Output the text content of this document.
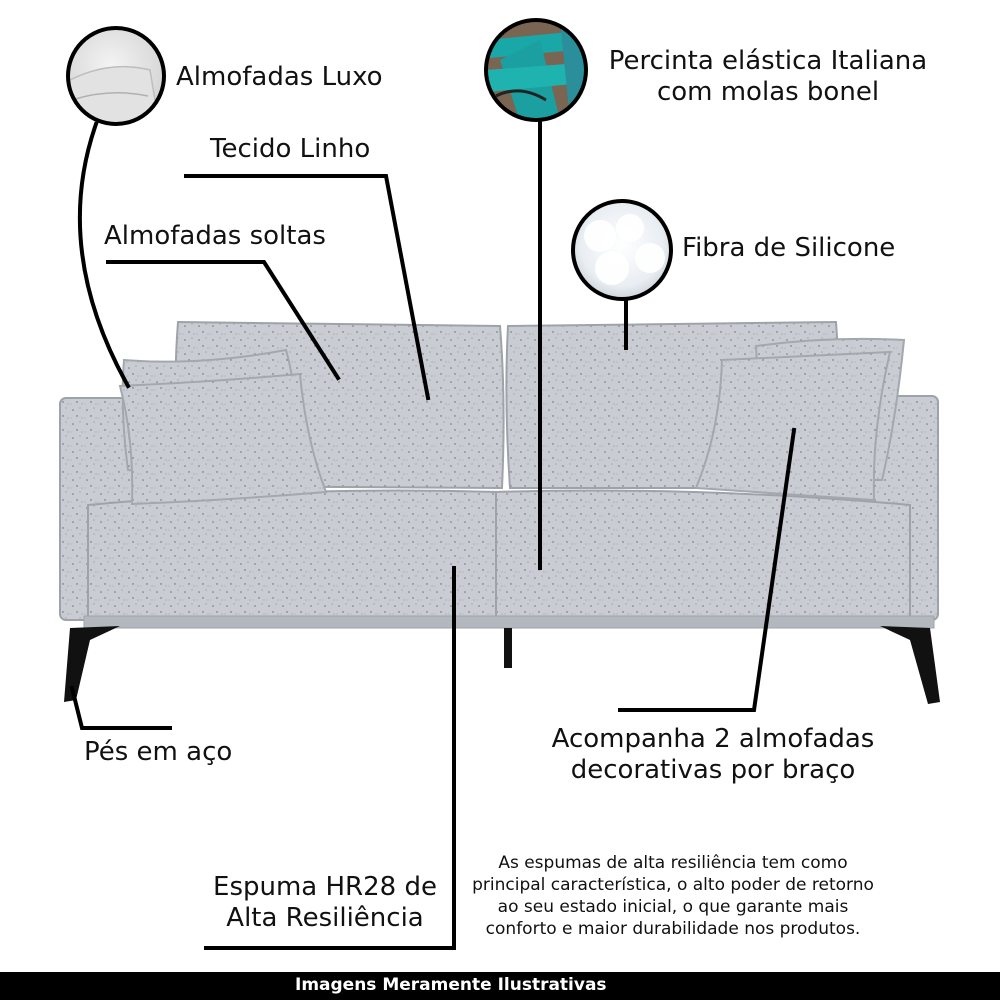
Almofadas Luxo
Tecido Linho
Almofadas soltas
Percinta elástica Italiana
com molas bonel
Fibra de Silicone
Pés em aço	Acompanha 2 almofadas
decorativas por braço
Espuma HR28 de
Alta Resiliência
As espumas de alta resiliência tem como
principal característica, o alto poder de retorno
ao seu estado inicial, o que garante mais
conforto e maior durabilidade nos produtos.
Imagens Meramente Ilustrativas
